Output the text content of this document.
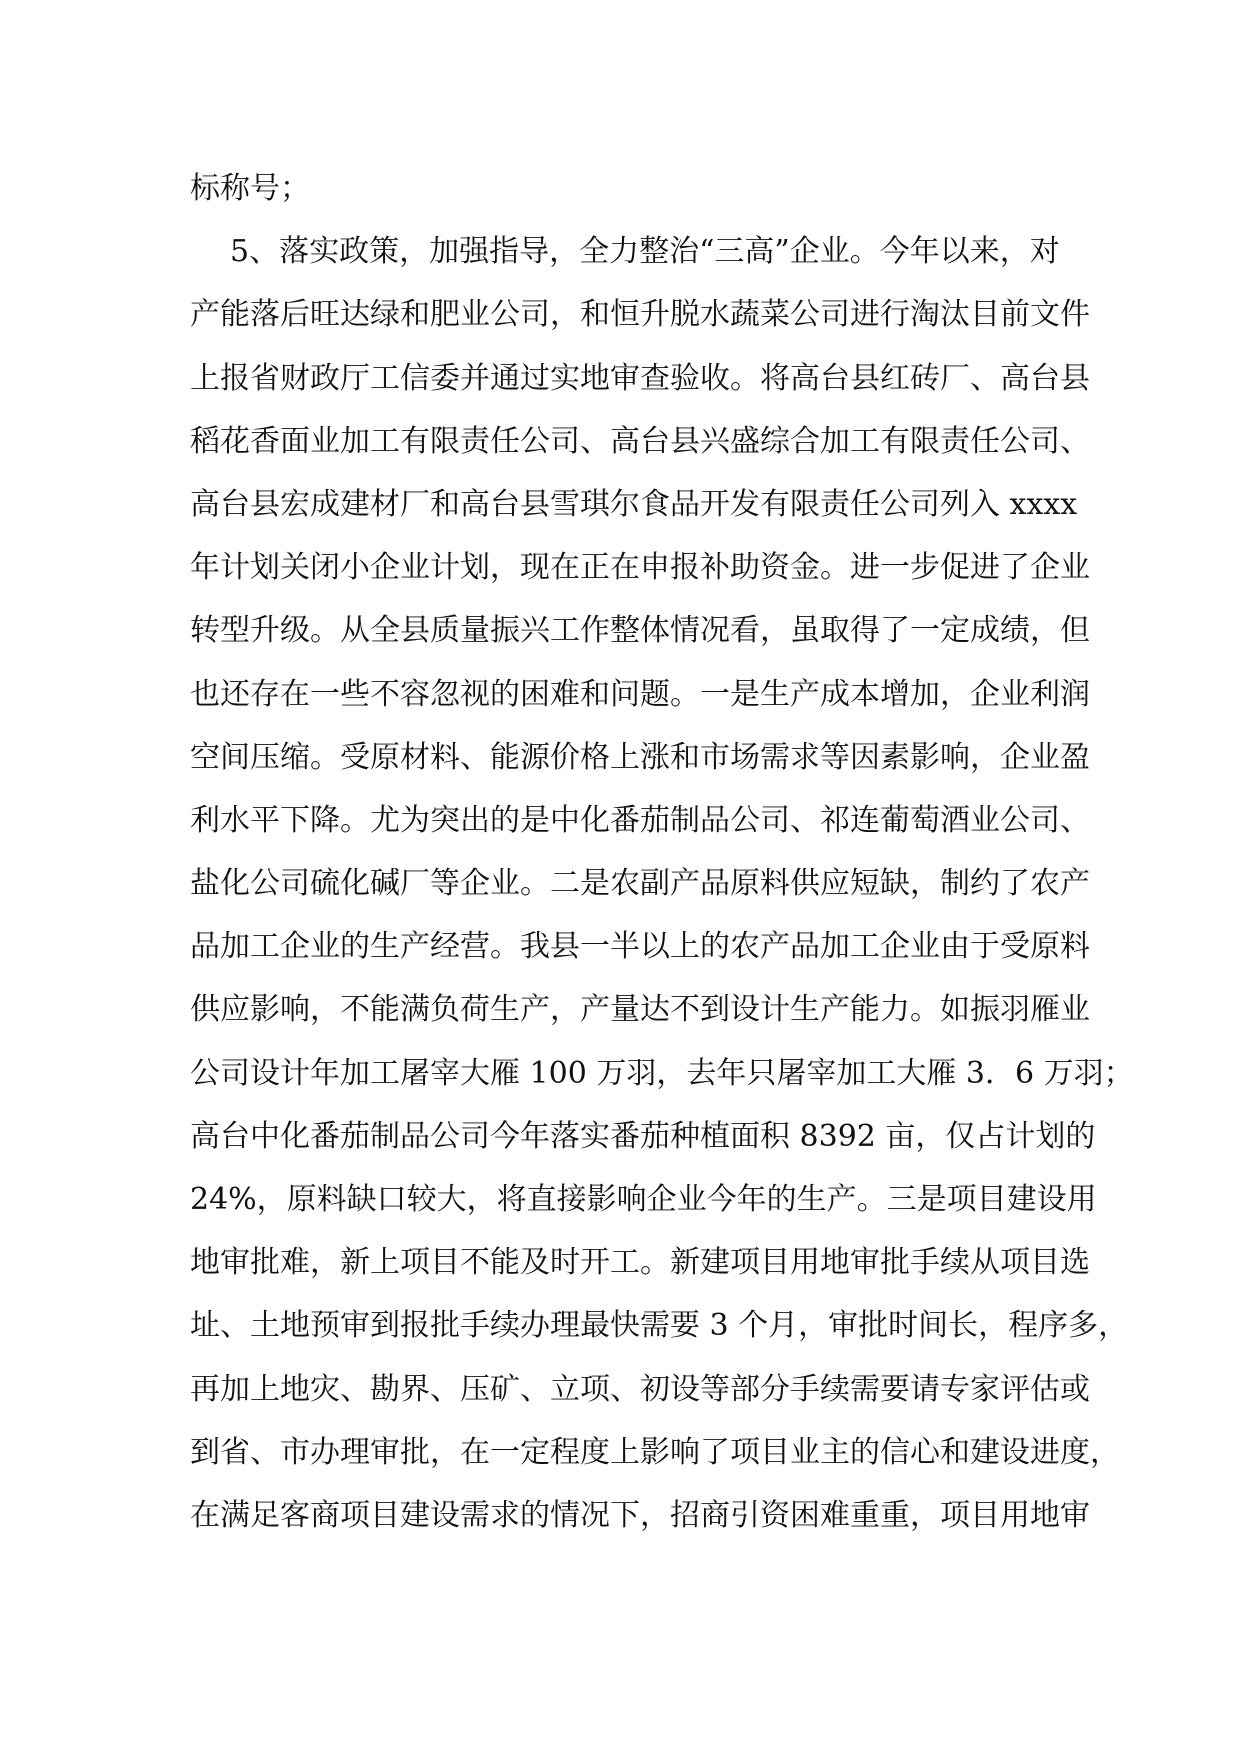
标称号；
5、落实政策，加强指导，全力整治“三高”企业。今年以来，对
产能落后旺达绿和肥业公司，和恒升脱水蔬菜公司进行淘汰目前文件
上报省财政厅工信委并通过实地审查验收。将高台县红砖厂、高台县
稻花香面业加工有限责任公司、高台县兴盛综合加工有限责任公司、
高台县宏成建材厂和高台县雪琪尔食品开发有限责任公司列入 xxxx
年计划关闭小企业计划，现在正在申报补助资金。进一步促进了企业
转型升级。从全县质量振兴工作整体情况看，虽取得了一定成绩，但
也还存在一些不容忽视的困难和问题。一是生产成本增加，企业利润
空间压缩。受原材料、能源价格上涨和市场需求等因素影响，企业盈
利水平下降。尤为突出的是中化番茄制品公司、祁连葡萄酒业公司、
盐化公司硫化碱厂等企业。二是农副产品原料供应短缺，制约了农产
品加工企业的生产经营。我县一半以上的农产品加工企业由于受原料
供应影响，不能满负荷生产，产量达不到设计生产能力。如振羽雁业
公司设计年加工屠宰大雁 100 万羽，去年只屠宰加工大雁 3．6 万羽；
高台中化番茄制品公司今年落实番茄种植面积 8392 亩，仅占计划的
24%，原料缺口较大，将直接影响企业今年的生产。三是项目建设用
地审批难，新上项目不能及时开工。新建项目用地审批手续从项目选
址、土地预审到报批手续办理最快需要 3 个月，审批时间长，程序多，
再加上地灾、勘界、压矿、立项、初设等部分手续需要请专家评估或
到省、市办理审批，在一定程度上影响了项目业主的信心和建设进度，
在满足客商项目建设需求的情况下，招商引资困难重重，项目用地审
